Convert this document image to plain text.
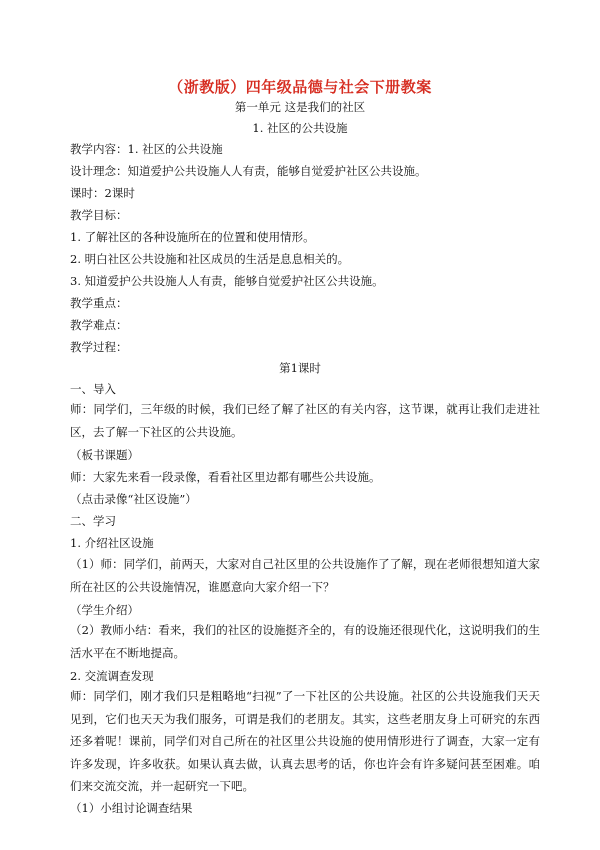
（浙教版）四年级品德与社会下册教案
第一单元 这是我们的社区
1. 社区的公共设施
教学内容：1. 社区的公共设施
设计理念：知道爱护公共设施人人有责，能够自觉爱护社区公共设施。
课时：2课时
教学目标：
1. 了解社区的各种设施所在的位置和使用情形。
2. 明白社区公共设施和社区成员的生活是息息相关的。
3. 知道爱护公共设施人人有责，能够自觉爱护社区公共设施。
教学重点：
教学难点：
教学过程：
第1课时
一、导入
师：同学们，三年级的时候，我们已经了解了社区的有关内容，这节课，就再让我们走进社区，去了解一下社区的公共设施。
（板书课题）
师：大家先来看一段录像，看看社区里边都有哪些公共设施。
（点击录像“社区设施”）
二、学习
1. 介绍社区设施
（1）师：同学们，前两天，大家对自己社区里的公共设施作了了解，现在老师很想知道大家所在社区的公共设施情况，谁愿意向大家介绍一下？
（学生介绍）
（2）教师小结：看来，我们的社区的设施挺齐全的，有的设施还很现代化，这说明我们的生活水平在不断地提高。
2. 交流调查发现
师：同学们，刚才我们只是粗略地“扫视”了一下社区的公共设施。社区的公共设施我们天天见到，它们也天天为我们服务，可谓是我们的老朋友。其实，这些老朋友身上可研究的东西还多着呢！课前，同学们对自己所在的社区里公共设施的使用情形进行了调查，大家一定有许多发现，许多收获。如果认真去做，认真去思考的话，你也许会有许多疑问甚至困难。咱们来交流交流，并一起研究一下吧。
（1）小组讨论调查结果
